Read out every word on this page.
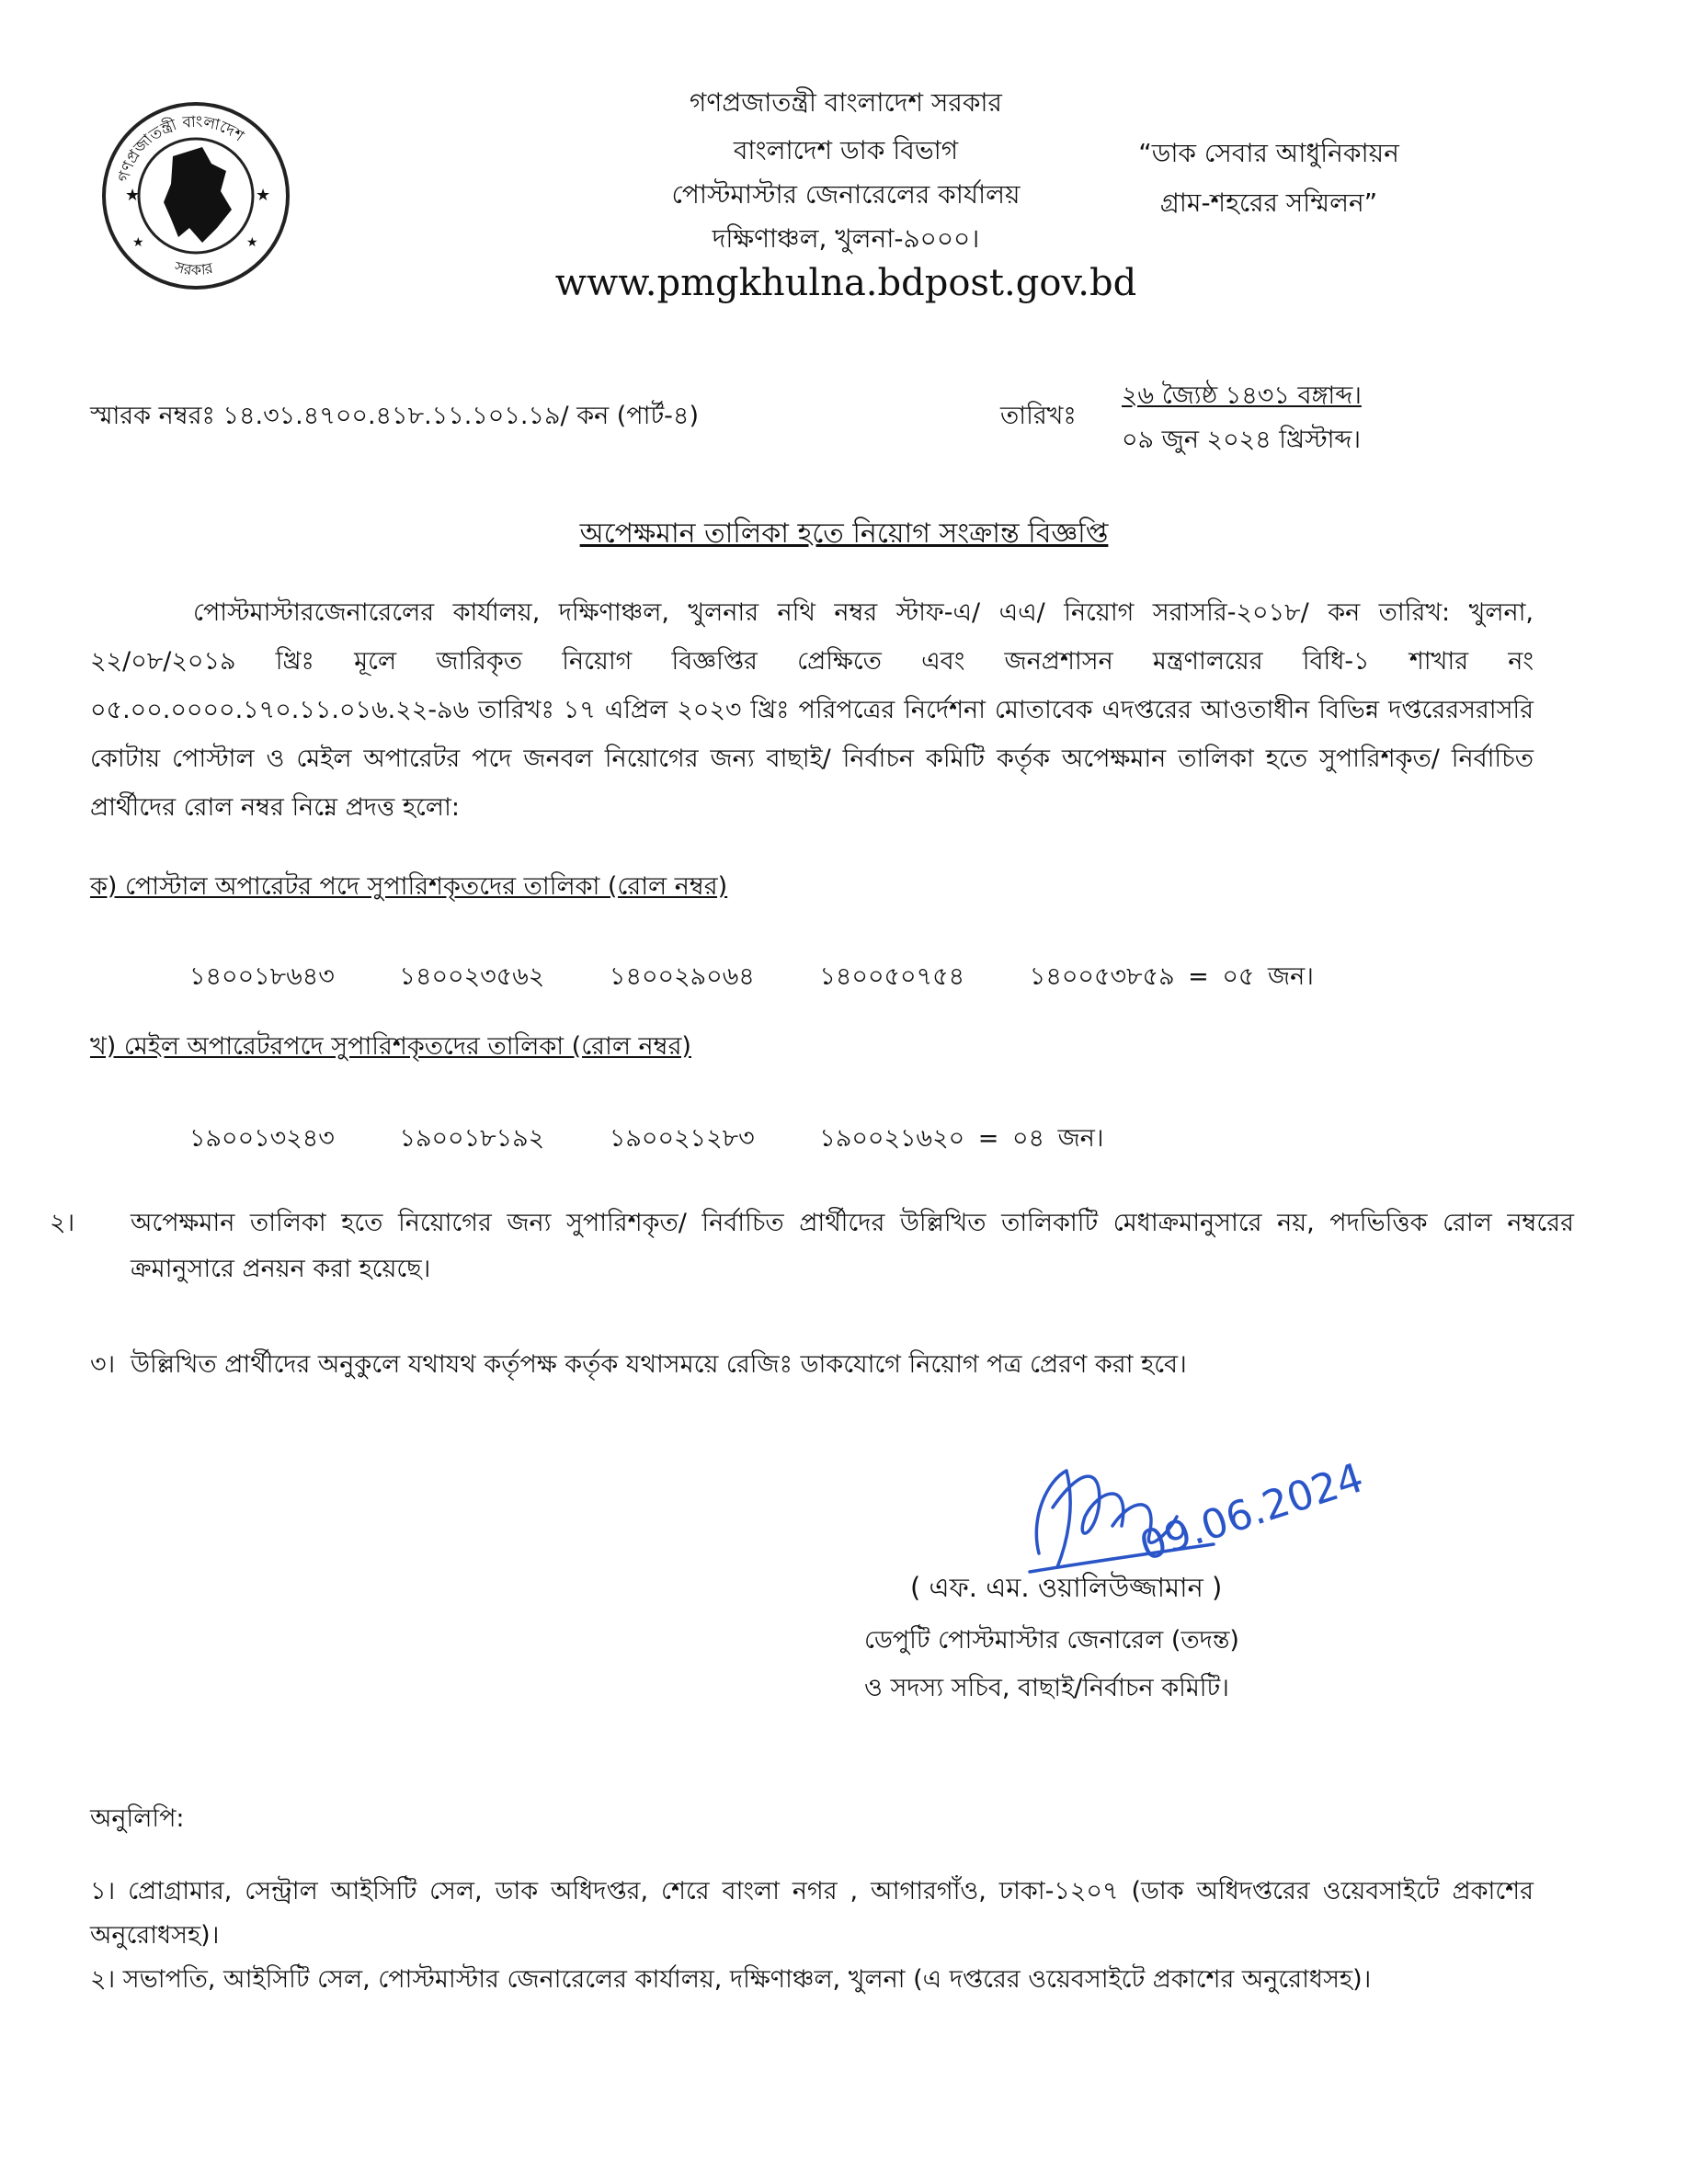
★	★
★	★
গণপ্রজাতন্ত্রী বাংলাদেশ
সরকার
গণপ্রজাতন্ত্রী বাংলাদেশ সরকার
বাংলাদেশ ডাক বিভাগ
পোস্টমাস্টার জেনারেলের কার্যালয়
দক্ষিণাঞ্চল, খুলনা-৯০০০।
www.pmgkhulna.bdpost.gov.bd
“ডাক সেবার আধুনিকায়ন
গ্রাম-শহরের সম্মিলন”
স্মারক নম্বরঃ ১৪.৩১.৪৭০০.৪১৮.১১.১০১.১৯/ কন (পার্ট-৪)	তারিখঃ
২৬ জ্যৈষ্ঠ ১৪৩১ বঙ্গাব্দ।
০৯ জুন ২০২৪ খ্রিস্টাব্দ।
অপেক্ষমান তালিকা হতে নিয়োগ সংক্রান্ত বিজ্ঞপ্তি
পোস্টমাস্টারজেনারেলের কার্যালয়, দক্ষিণাঞ্চল, খুলনার নথি নম্বর স্টাফ-এ/ এএ/ নিয়োগ সরাসরি-২০১৮/ কন তারিখ: খুলনা, ২২/০৮/২০১৯ খ্রিঃ মূলে জারিকৃত নিয়োগ বিজ্ঞপ্তির প্রেক্ষিতে এবং জনপ্রশাসন মন্ত্রণালয়ের বিধি-১ শাখার নং ০৫.০০.০০০০.১৭০.১১.০১৬.২২-৯৬ তারিখঃ ১৭ এপ্রিল ২০২৩ খ্রিঃ পরিপত্রের নির্দেশনা মোতাবেক এদপ্তরের আওতাধীন বিভিন্ন দপ্তরেরসরাসরি কোটায় পোস্টাল ও মেইল অপারেটর পদে জনবল নিয়োগের জন্য বাছাই/ নির্বাচন কমিটি কর্তৃক অপেক্ষমান তালিকা হতে সুপারিশকৃত/ নির্বাচিত প্রার্থীদের রোল নম্বর নিম্নে প্রদত্ত হলো:
ক) পোস্টাল অপারেটর পদে সুপারিশকৃতদের তালিকা (রোল নম্বর)
১৪০০১৮৬৪৩	১৪০০২৩৫৬২	১৪০০২৯০৬৪	১৪০০৫০৭৫৪	১৪০০৫৩৮৫৯ = ০৫ জন।
খ) মেইল অপারেটরপদে সুপারিশকৃতদের তালিকা (রোল নম্বর)
১৯০০১৩২৪৩	১৯০০১৮১৯২	১৯০০২১২৮৩	১৯০০২১৬২০ = ০৪ জন।
২। অপেক্ষমান তালিকা হতে নিয়োগের জন্য সুপারিশকৃত/ নির্বাচিত প্রার্থীদের উল্লিখিত তালিকাটি মেধাক্রমানুসারে নয়, পদভিত্তিক রোল নম্বরের ক্রমানুসারে প্রনয়ন করা হয়েছে।
৩। উল্লিখিত প্রার্থীদের অনুকুলে যথাযথ কর্তৃপক্ষ কর্তৃক যথাসময়ে রেজিঃ ডাকযোগে নিয়োগ পত্র প্রেরণ করা হবে।
09.06.2024
( এফ. এম. ওয়ালিউজ্জামান )
ডেপুটি পোস্টমাস্টার জেনারেল (তদন্ত)
ও সদস্য সচিব, বাছাই/নির্বাচন কমিটি।
অনুলিপি:
১। প্রোগ্রামার, সেন্ট্রাল আইসিটি সেল, ডাক অধিদপ্তর, শেরে বাংলা নগর , আগারগাঁও, ঢাকা-১২০৭ (ডাক অধিদপ্তরের ওয়েবসাইটে প্রকাশের অনুরোধসহ)।
২। সভাপতি, আইসিটি সেল, পোস্টমাস্টার জেনারেলের কার্যালয়, দক্ষিণাঞ্চল, খুলনা (এ দপ্তরের ওয়েবসাইটে প্রকাশের অনুরোধসহ)।
